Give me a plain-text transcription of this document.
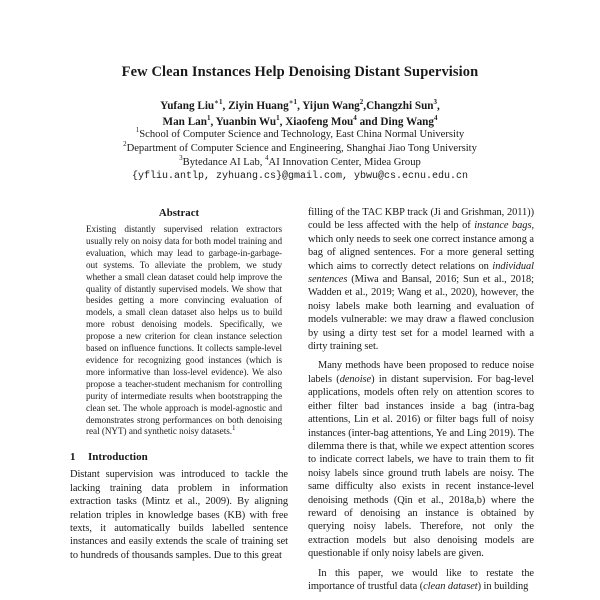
Few Clean Instances Help Denoising Distant Supervision
Yufang Liu$^{∗1}$, Ziyin Huang$^{∗1}$, Yijun Wang$^2$,Changzhi Sun$^3$,
Man Lan$^1$, Yuanbin Wu$^1$, Xiaofeng Mou$^4$ and Ding Wang$^4$
$^1$School of Computer Science and Technology, East China Normal University
$^2$Department of Computer Science and Engineering, Shanghai Jiao Tong University
$^3$Bytedance AI Lab, $^4$AI Innovation Center, Midea Group
{yfliu.antlp, zyhuang.cs}@gmail.com, ybwu@cs.ecnu.edu.cn
Abstract
Existing distantly supervised relation extractors usually rely on noisy data for both model training and evaluation, which may lead to garbage-in-garbage-out systems. To alleviate the problem, we study whether a small clean dataset could help improve the quality of distantly supervised models. We show that besides getting a more convincing evaluation of models, a small clean dataset also helps us to build more robust denoising models. Specifically, we propose a new criterion for clean instance selection based on influence functions. It collects sample-level evidence for recognizing good instances (which is more informative than loss-level evidence). We also propose a teacher-student mechanism for controlling purity of intermediate results when bootstrapping the clean set. The whole approach is model-agnostic and demonstrates strong performances on both denoising real (NYT) and synthetic noisy datasets.$^1$
1 Introduction
Distant supervision was introduced to tackle the lacking training data problem in information extraction tasks (Mintz et al., 2009). By aligning relation triples in knowledge bases (KB) with free texts, it automatically builds labelled sentence instances and easily extends the scale of training set to hundreds of thousands samples. Due to this great
filling of the TAC KBP track (Ji and Grishman, 2011)) could be less affected with the help of instance bags, which only needs to seek one correct instance among a bag of aligned sentences. For a more general setting which aims to correctly detect relations on individual sentences (Miwa and Bansal, 2016; Sun et al., 2018; Wadden et al., 2019; Wang et al., 2020), however, the noisy labels make both learning and evaluation of models vulnerable: we may draw a flawed conclusion by using a dirty test set for a model learned with a dirty training set.
Many methods have been proposed to reduce noise labels (denoise) in distant supervision. For bag-level applications, models often rely on attention scores to either filter bad instances inside a bag (intra-bag attentions, Lin et al. 2016) or filter bags full of noisy instances (inter-bag attentions, Ye and Ling 2019). The dilemma there is that, while we expect attention scores to indicate correct labels, we have to train them to fit noisy labels since ground truth labels are noisy. The same difficulty also exists in recent instance-level denoising methods (Qin et al., 2018a,b) where the reward of denoising an instance is obtained by querying noisy labels. Therefore, not only the extraction models but also denoising models are questionable if only noisy labels are given.
In this paper, we would like to restate the importance of trustful data (clean dataset) in building
